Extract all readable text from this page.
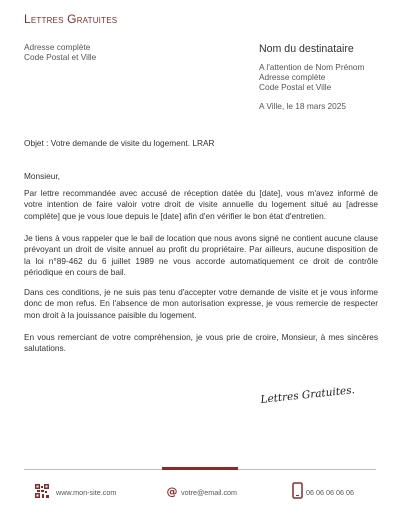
Lettres Gratuites
Adresse complète
Code Postal et Ville
Nom du destinataire
A l'attention de Nom Prénom
Adresse complète
Code Postal et Ville
A Ville, le 18 mars 2025
Objet : Votre demande de visite du logement. LRAR
Monsieur,
Par lettre recommandée avec accusé de réception datée du [date], vous m'avez informé de votre intention de faire valoir votre droit de visite annuelle du logement situé au [adresse complète] que je vous loue depuis le [date] afin d'en vérifier le bon état d'entretien.
Je tiens à vous rappeler que le bail de location que nous avons signé ne contient aucune clause prévoyant un droit de visite annuel au profit du propriétaire. Par ailleurs, aucune disposition de la loi n°89-462 du 6 juillet 1989 ne vous accorde automatiquement ce droit de contrôle périodique en cours de bail.
Dans ces conditions, je ne suis pas tenu d'accepter votre demande de visite et je vous informe donc de mon refus. En l'absence de mon autorisation expresse, je vous remercie de respecter mon droit à la jouissance paisible du logement.
En vous remerciant de votre compréhension, je vous prie de croire, Monsieur, à mes sincères salutations.
Lettres Gratuites.
www.mon-site.com	@ votre@email.com	06 06 06 06 06
